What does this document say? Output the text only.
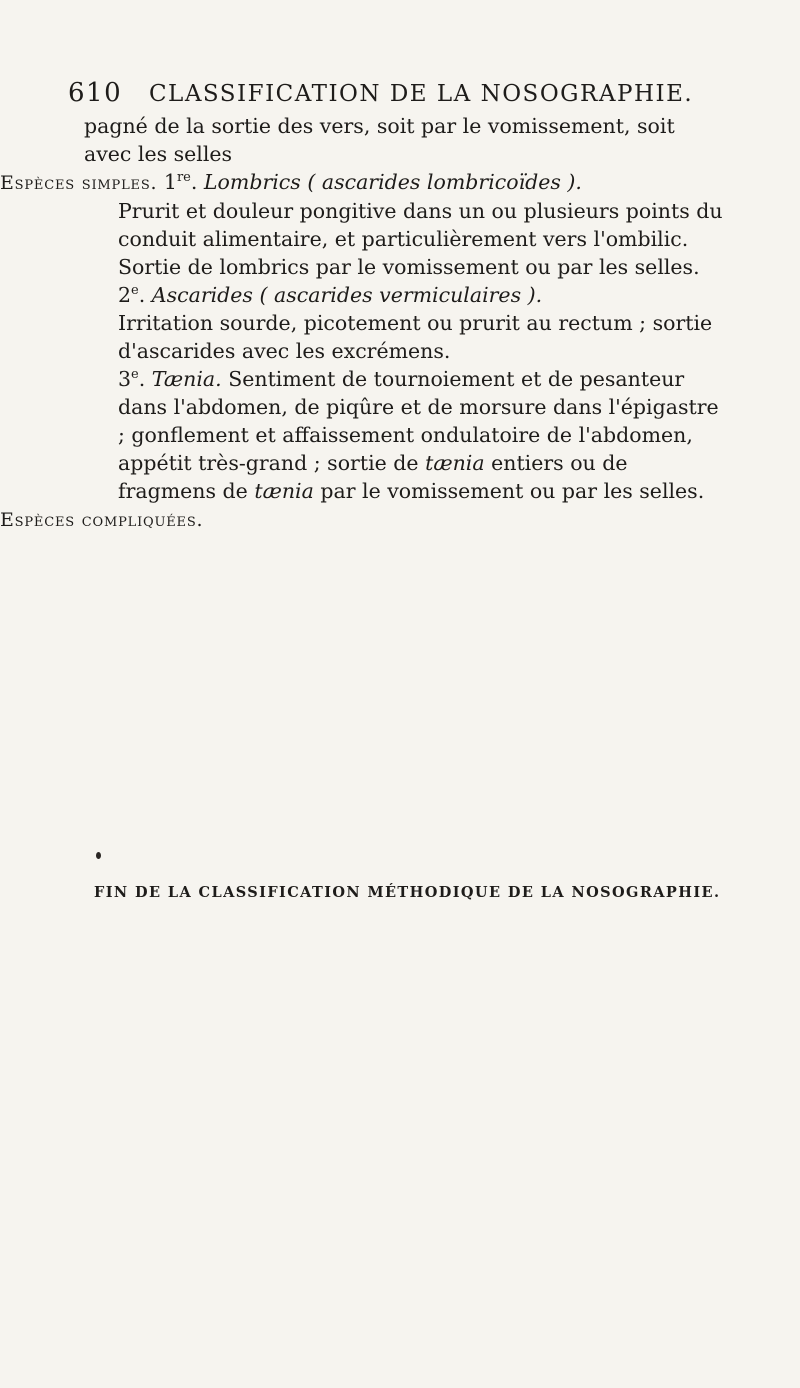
610 CLASSIFICATION DE LA NOSOGRAPHIE.

pagné de la sortie des vers, soit par le vomissement, soit

avec les selles

Espèces simples. 1re. Lombrics ( ascarides lombricoïdes ).
Prurit et douleur pongitive dans un ou plusieurs points du conduit alimentaire, et particulièrement vers l'ombilic. Sortie de lombrics par le vomissement ou par les selles.

2e. Ascarides ( ascarides vermiculaires ).
Irritation sourde, picotement ou prurit au rectum ; sortie d'ascarides avec les excrémens.

3e. Tænia. Sentiment de tournoiement et de pesanteur dans l'abdomen, de piqûre et de morsure dans l'épigastre ; gonflement et affaissement ondulatoire de l'abdomen, appétit très-grand ; sortie de tænia entiers ou de fragmens de tænia par le vomissement ou par les selles.

Espèces compliquées.

FIN DE LA CLASSIFICATION MÉTHODIQUE DE LA NOSOGRAPHIE.
